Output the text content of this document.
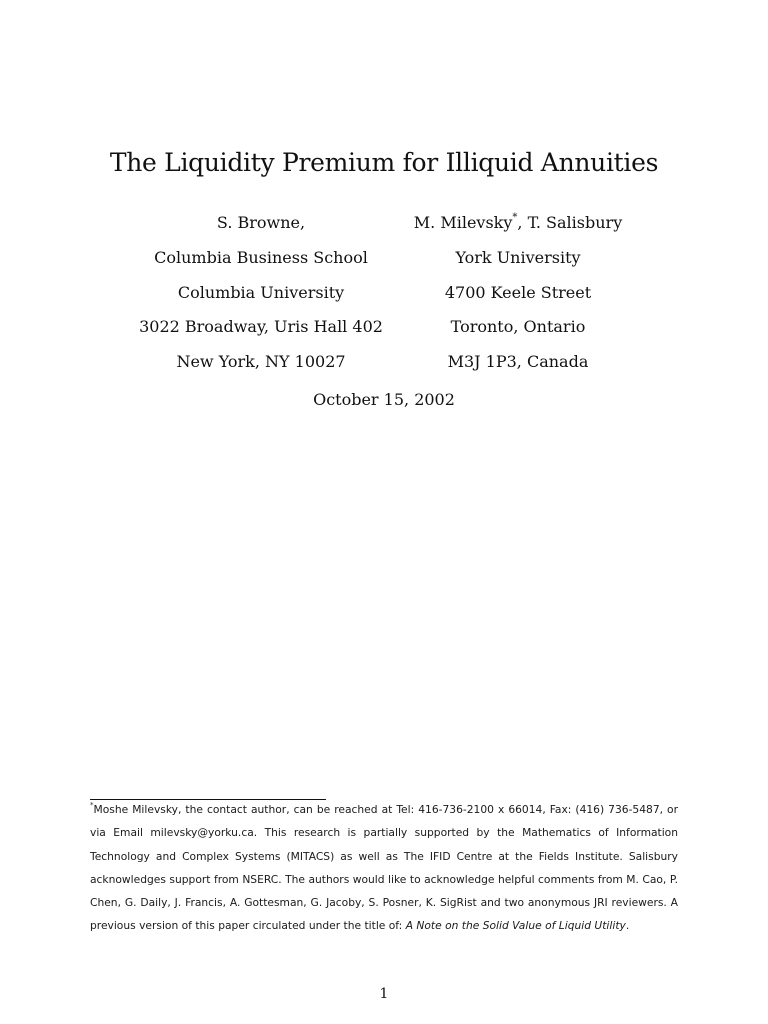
The Liquidity Premium for Illiquid Annuities
S. Browne,
Columbia Business School
Columbia University
3022 Broadway, Uris Hall 402
New York, NY 10027
M. Milevsky*, T. Salisbury
York University
4700 Keele Street
Toronto, Ontario
M3J 1P3, Canada
October 15, 2002
*Moshe Milevsky, the contact author, can be reached at Tel: 416-736-2100 x 66014, Fax: (416) 736-5487, or via Email milevsky@yorku.ca. This research is partially supported by the Mathematics of Information Technology and Complex Systems (MITACS) as well as The IFID Centre at the Fields Institute. Salisbury acknowledges support from NSERC. The authors would like to acknowledge helpful comments from M. Cao, P. Chen, G. Daily, J. Francis, A. Gottesman, G. Jacoby, S. Posner, K. SigRist and two anonymous JRI reviewers. A previous version of this paper circulated under the title of: A Note on the Solid Value of Liquid Utility.
1
